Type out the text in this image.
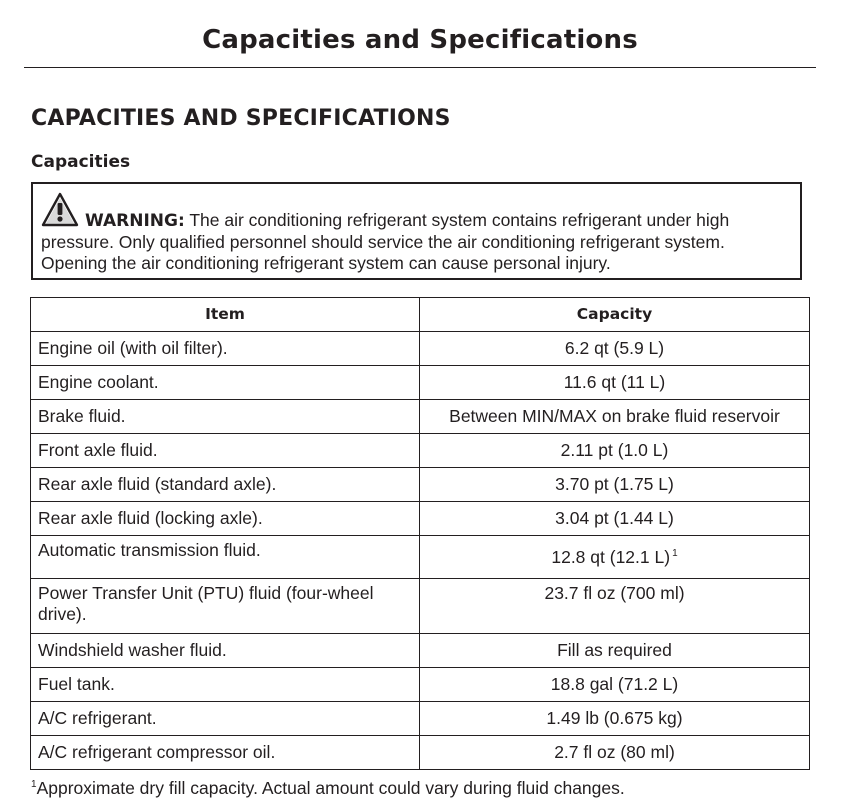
Capacities and Specifications
CAPACITIES AND SPECIFICATIONS
Capacities
WARNING: The air conditioning refrigerant system contains refrigerant under high pressure. Only qualified personnel should service the air conditioning refrigerant system. Opening the air conditioning refrigerant system can cause personal injury.
Item	Capacity
Engine oil (with oil filter).	6.2 qt (5.9 L)
Engine coolant.	11.6 qt (11 L)
Brake fluid.	Between MIN/MAX on brake fluid reservoir
Front axle fluid.	2.11 pt (1.0 L)
Rear axle fluid (standard axle).	3.70 pt (1.75 L)
Rear axle fluid (locking axle).	3.04 pt (1.44 L)
Automatic transmission fluid.	12.8 qt (12.1 L) $^1$
Power Transfer Unit (PTU) fluid (four-wheel drive).	23.7 fl oz (700 ml)
Windshield washer fluid.	Fill as required
Fuel tank.	18.8 gal (71.2 L)
A/C refrigerant.	1.49 lb (0.675 kg)
A/C refrigerant compressor oil.	2.7 fl oz (80 ml)
$^1$Approximate dry fill capacity. Actual amount could vary during fluid changes.
